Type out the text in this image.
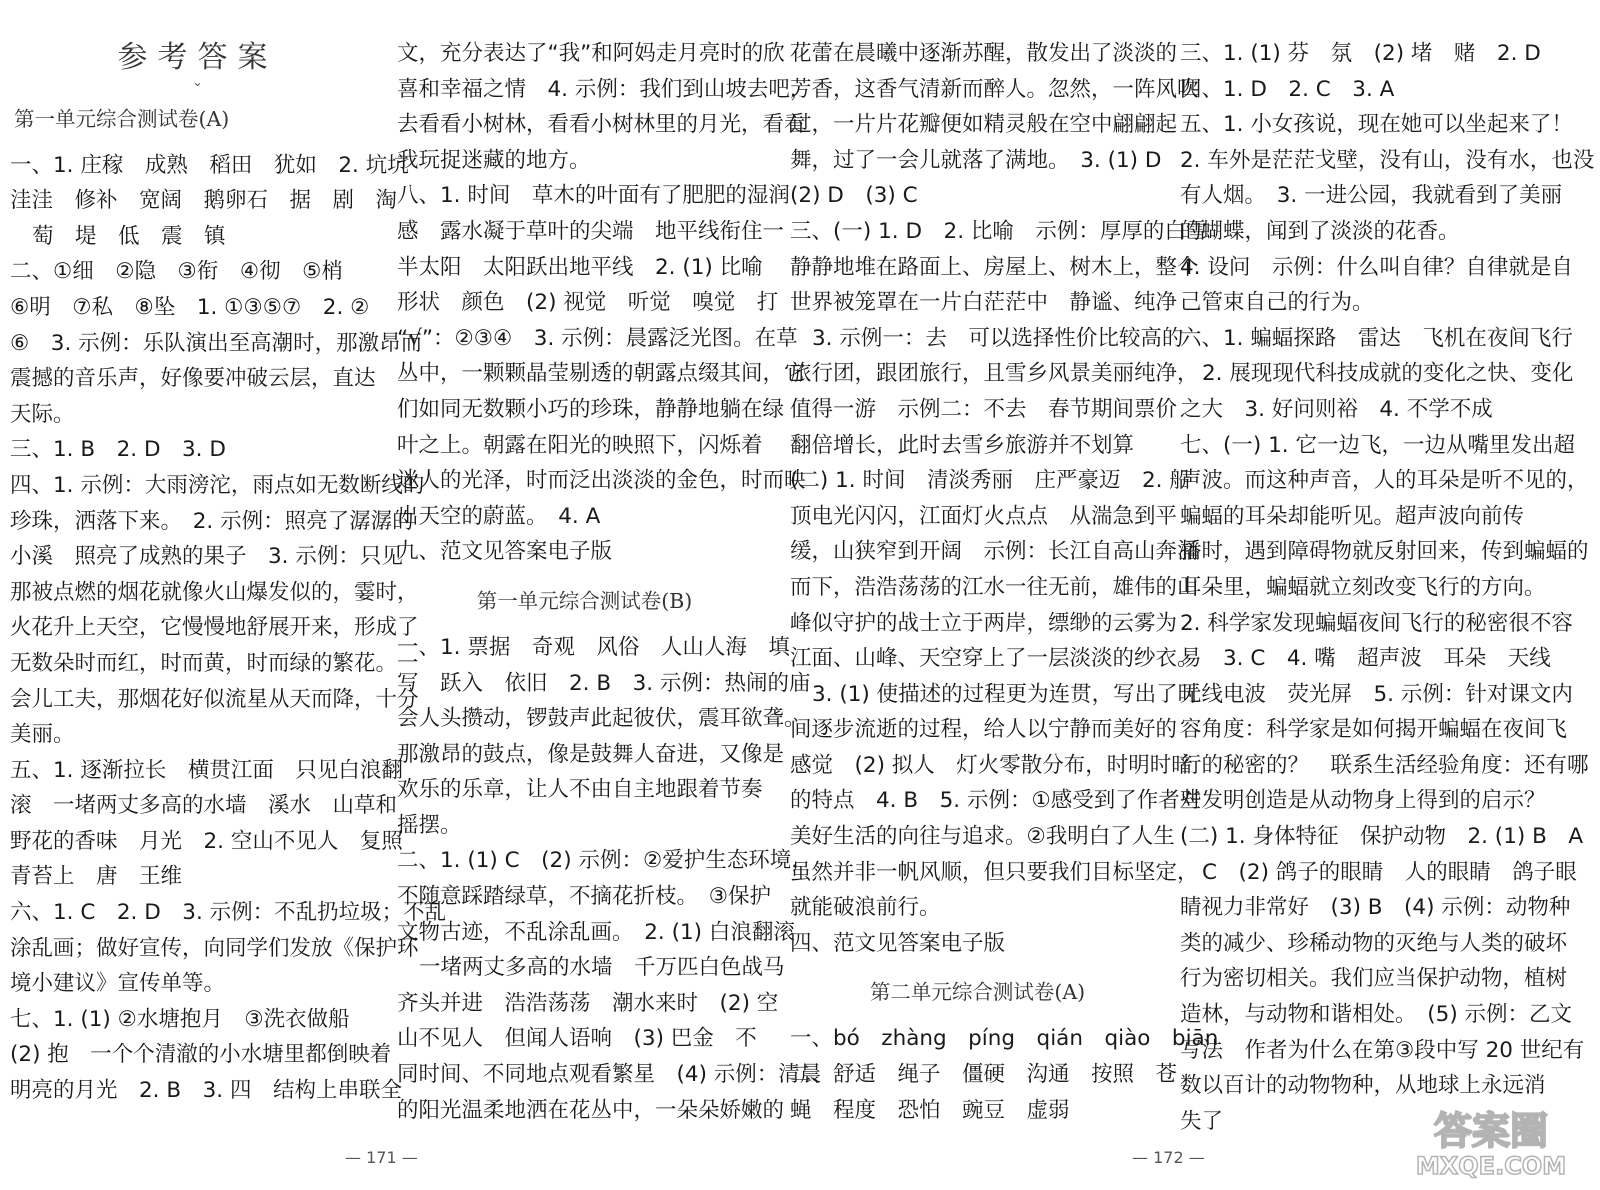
参考答案
⌄
第一单元综合测试卷(A)

一、1. 庄稼　成熟　稻田　犹如　2. 坑坑

洼洼　修补　宽阔　鹅卵石　据　剧　淘

萄　堤　低　震　镇

二、①细　②隐　③衔　④彻　⑤梢

⑥明　⑦私　⑧坠　1. ①③⑤⑦　2. ②

⑥　3. 示例：乐队演出至高潮时，那激昂而

震撼的音乐声，好像要冲破云层，直达

天际。

三、1. B　2. D　3. D

四、1. 示例：大雨滂沱，雨点如无数断线的

珍珠，洒落下来。　2. 示例：照亮了潺潺的

小溪　照亮了成熟的果子　3. 示例：只见

那被点燃的烟花就像火山爆发似的，霎时，

火花升上天空，它慢慢地舒展开来，形成了

无数朵时而红，时而黄，时而绿的繁花。一

会儿工夫，那烟花好似流星从天而降，十分

美丽。

五、1. 逐渐拉长　横贯江面　只见白浪翻

滚　一堵两丈多高的水墙　溪水　山草和

野花的香味　月光　2. 空山不见人　复照

青苔上　唐　王维

六、1. C　2. D　3. 示例：不乱扔垃圾；不乱

涂乱画；做好宣传，向同学们发放《保护环

境小建议》宣传单等。

七、1. (1) ②水塘抱月　③洗衣做船

(2) 抱　一个个清澈的小水塘里都倒映着

明亮的月光　2. B　3. 四　结构上串联全

文，充分表达了“我”和阿妈走月亮时的欣

喜和幸福之情　4. 示例：我们到山坡去吧，

去看看小树林，看看小树林里的月光，看看

我玩捉迷藏的地方。

八、1. 时间　草木的叶面有了肥肥的湿润

感　露水凝于草叶的尖端　地平线衔住一

半太阳　太阳跃出地平线　2. (1) 比喻

形状　颜色　(2) 视觉　听觉　嗅觉　打

“√”：②③④　3. 示例：晨露泛光图。在草

丛中，一颗颗晶莹剔透的朝露点缀其间，它

们如同无数颗小巧的珍珠，静静地躺在绿

叶之上。朝露在阳光的映照下，闪烁着

迷人的光泽，时而泛出淡淡的金色，时而映

出天空的蔚蓝。　4. A

九、范文见答案电子版

第一单元综合测试卷(B)

一、1. 票据　奇观　风俗　人山人海　填

写　跃入　依旧　2. B　3. 示例：热闹的庙

会人头攒动，锣鼓声此起彼伏，震耳欲聋。

那激昂的鼓点，像是鼓舞人奋进，又像是

欢乐的乐章，让人不由自主地跟着节奏

摇摆。

二、1. (1) C　(2) 示例：②爱护生态环境，

不随意踩踏绿草，不摘花折枝。　③保护

文物古迹，不乱涂乱画。　2. (1) 白浪翻滚

一堵两丈多高的水墙　千万匹白色战马

齐头并进　浩浩荡荡　潮水来时　(2) 空

山不见人　但闻人语响　(3) 巴金　不

同时间、不同地点观看繁星　(4) 示例：清晨

的阳光温柔地洒在花丛中，一朵朵娇嫩的

花蕾在晨曦中逐渐苏醒，散发出了淡淡的

芳香，这香气清新而醉人。忽然，一阵风吹

过，一片片花瓣便如精灵般在空中翩翩起

舞，过了一会儿就落了满地。　3. (1) D

(2) D　(3) C

三、(一) 1. D　2. 比喻　示例：厚厚的白雪

静静地堆在路面上、房屋上、树木上，整个

世界被笼罩在一片白茫茫中　静谧、纯净

3. 示例一：去　可以选择性价比较高的

旅行团，跟团旅行，且雪乡风景美丽纯净，

值得一游　示例二：不去　春节期间票价

翻倍增长，此时去雪乡旅游并不划算

(二) 1. 时间　清淡秀丽　庄严豪迈　2. 船

顶电光闪闪，江面灯火点点　从湍急到平

缓，山狭窄到开阔　示例：长江自高山奔涌

而下，浩浩荡荡的江水一往无前，雄伟的山

峰似守护的战士立于两岸，缥缈的云雾为

江面、山峰、天空穿上了一层淡淡的纱衣。

3. (1) 使描述的过程更为连贯，写出了时

间逐步流逝的过程，给人以宁静而美好的

感觉　(2) 拟人　灯火零散分布，时明时暗

的特点　4. B　5. 示例：①感受到了作者对

美好生活的向往与追求。②我明白了人生

虽然并非一帆风顺，但只要我们目标坚定，

就能破浪前行。

四、范文见答案电子版

第二单元综合测试卷(A)

一、bó　zhàng　píng　qián　qiào　biān

二、舒适　绳子　僵硬　沟通　按照　苍

蝇　程度　恐怕　豌豆　虚弱

三、1. (1) 芬　氛　(2) 堵　赌　2. D

四、1. D　2. C　3. A

五、1. 小女孩说，现在她可以坐起来了！

2. 车外是茫茫戈壁，没有山，没有水，也没

有人烟。　3. 一进公园，我就看到了美丽

的蝴蝶，闻到了淡淡的花香。

4. 设问　示例：什么叫自律？自律就是自

己管束自己的行为。

六、1. 蝙蝠探路　雷达　飞机在夜间飞行

2. 展现现代科技成就的变化之快、变化

之大　3. 好问则裕　4. 不学不成

七、(一) 1. 它一边飞，一边从嘴里发出超

声波。而这种声音，人的耳朵是听不见的，

蝙蝠的耳朵却能听见。超声波向前传

播时，遇到障碍物就反射回来，传到蝙蝠的

耳朵里，蝙蝠就立刻改变飞行的方向。

2. 科学家发现蝙蝠夜间飞行的秘密很不容

易　3. C　4. 嘴　超声波　耳朵　天线

无线电波　荧光屏　5. 示例：针对课文内

容角度：科学家是如何揭开蝙蝠在夜间飞

行的秘密的？　联系生活经验角度：还有哪

些发明创造是从动物身上得到的启示？

(二) 1. 身体特征　保护动物　2. (1) B　A

C　(2) 鸽子的眼睛　人的眼睛　鸽子眼

睛视力非常好　(3) B　(4) 示例：动物种

类的减少、珍稀动物的灭绝与人类的破坏

行为密切相关。我们应当保护动物，植树

造林，与动物和谐相处。　(5) 示例：乙文

写法　作者为什么在第③段中写 20 世纪有

数以百计的动物物种，从地球上永远消

失了

— 171 —	— 172 —
答案圈
MXQE.COM
